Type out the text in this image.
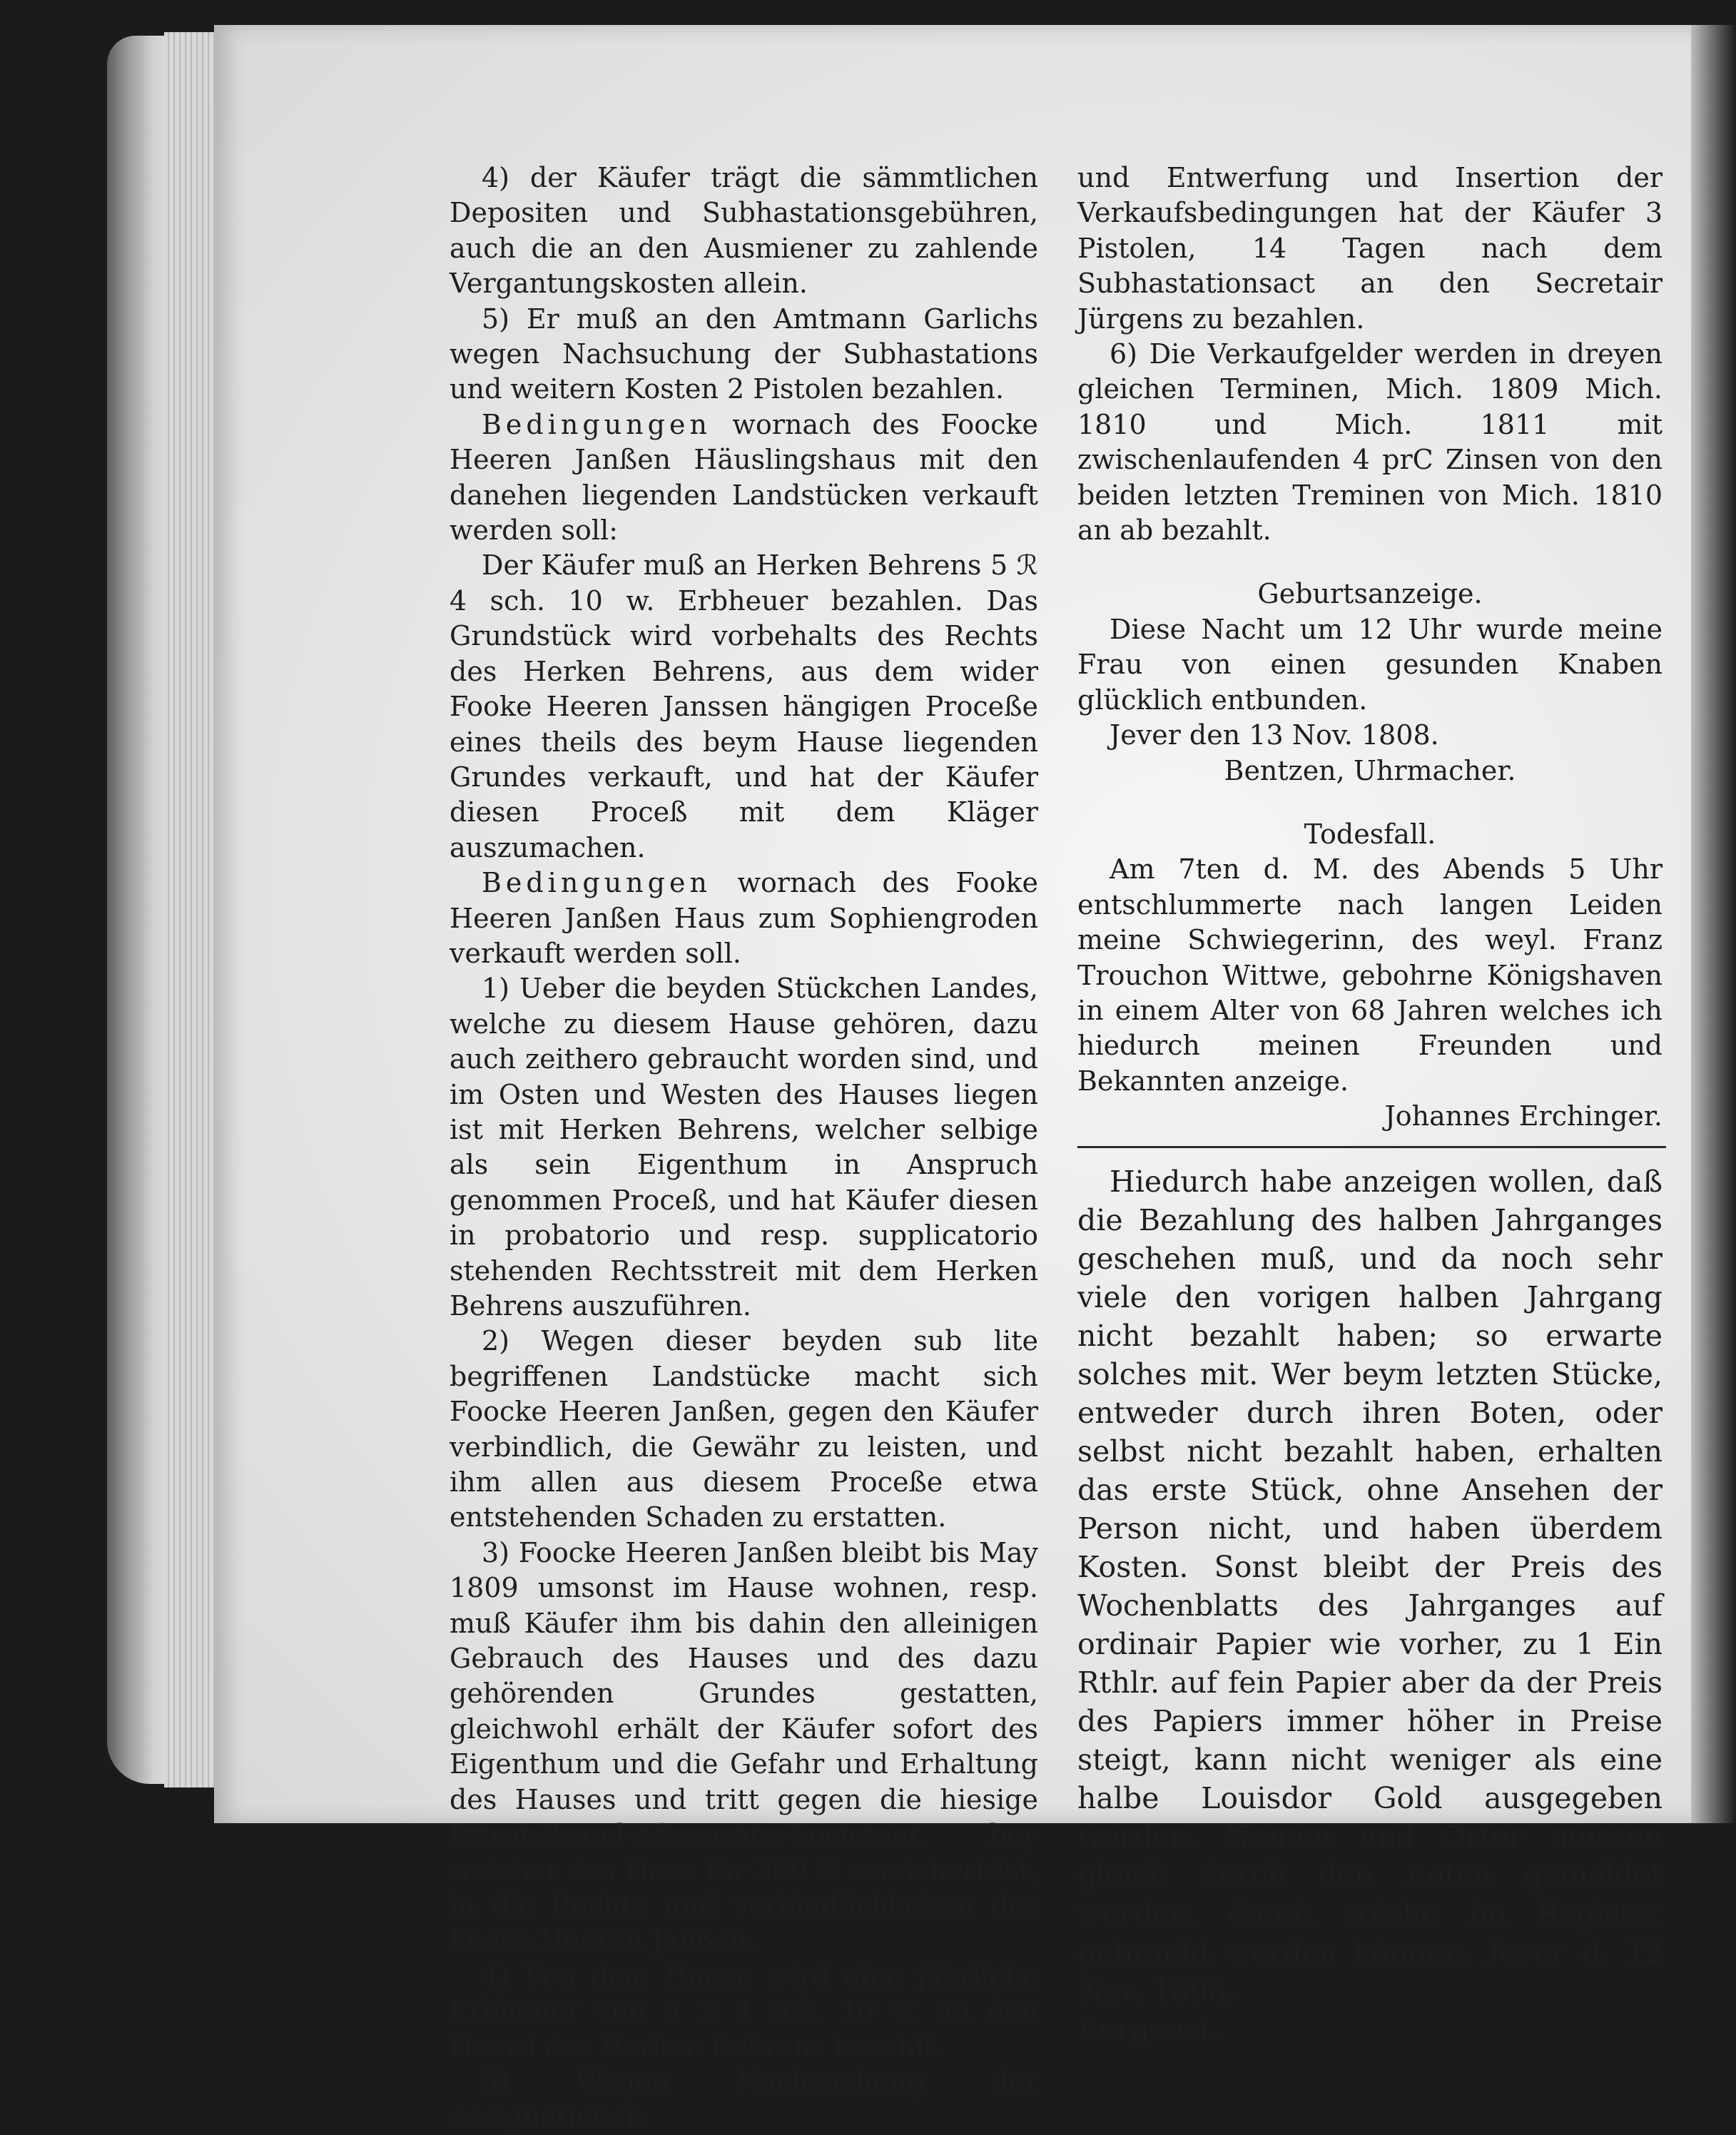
4) der Käufer trägt die sämmtlichen Depositen und Subhastationsgebühren, auch die an den Ausmiener zu zahlende Vergantungskosten allein.

5) Er muß an den Amtmann Garlichs wegen Nachsuchung der Subhastations und weitern Kosten 2 Pistolen bezahlen.

Bedingungen wornach des Foocke Heeren Janßen Häuslingshaus mit den danehen liegenden Landstücken verkauft werden soll:

Der Käufer muß an Herken Behrens 5 ℛ 4 sch. 10 w. Erbheuer bezahlen. Das Grundstück wird vorbehalts des Rechts des Herken Behrens, aus dem wider Fooke Heeren Janssen hängigen Proceße eines theils des beym Hause liegenden Grundes verkauft, und hat der Käufer diesen Proceß mit dem Kläger auszumachen.

Bedingungen wornach des Fooke Heeren Janßen Haus zum Sophiengroden verkauft werden soll.

1) Ueber die beyden Stückchen Landes, welche zu diesem Hause gehören, dazu auch zeithero gebraucht worden sind, und im Osten und Westen des Hauses liegen ist mit Herken Behrens, welcher selbige als sein Eigenthum in Anspruch genommen Proceß, und hat Käufer diesen in probatorio und resp. supplicatorio stehenden Rechtsstreit mit dem Herken Behrens auszuführen.

2) Wegen dieser beyden sub lite begriffenen Landstücke macht sich Foocke Heeren Janßen, gegen den Käufer verbindlich, die Gewähr zu leisten, und ihm allen aus diesem Proceße etwa entstehenden Schaden zu erstatten.

3) Foocke Heeren Janßen bleibt bis May 1809 umsonst im Hause wohnen, resp. muß Käufer ihm bis dahin den alleinigen Gebrauch des Hauses und des dazu gehörenden Grundes gestatten, gleichwohl erhält der Käufer sofort des Eigenthum und die Gefahr und Erhaltung des Hauses und tritt gegen die hiesige Privat-Brand-Aßecuranz-Societaet, bey welcher das Haus für 300 ℛ versichert ist, in die Rechte und verbindlichkeiten des Fooke Heeren Janßen.

4) Von dem Hause wird eine jährliche Erbheuer von 5 ℛ 4 sch. 10 w. an den Heerd des Herken Behrens bezahlt.

5) Wegen Nachsuchung der Assignationen

und Entwerfung und Insertion der Verkaufsbedingungen hat der Käufer 3 Pistolen, 14 Tagen nach dem Subhastationsact an den Secretair Jürgens zu bezahlen.

6) Die Verkaufgelder werden in dreyen gleichen Terminen, Mich. 1809 Mich. 1810 und Mich. 1811 mit zwischenlaufenden 4 prC Zinsen von den beiden letzten Treminen von Mich. 1810 an ab bezahlt.

Geburtsanzeige.

Diese Nacht um 12 Uhr wurde meine Frau von einen gesunden Knaben glücklich entbunden.

Jever den 13 Nov. 1808.

Bentzen, Uhrmacher.

Todesfall.

Am 7ten d. M. des Abends 5 Uhr entschlummerte nach langen Leiden meine Schwiegerinn, des weyl. Franz Trouchon Wittwe, gebohrne Königshaven in einem Alter von 68 Jahren welches ich hiedurch meinen Freunden und Bekannten anzeige.

Johannes Erchinger.

Hiedurch habe anzeigen wollen, daß die Bezahlung des halben Jahrganges geschehen muß, und da noch sehr viele den vorigen halben Jahrgang nicht bezahlt haben; so erwarte solches mit. Wer beym letzten Stücke, entweder durch ihren Boten, oder selbst nicht bezahlt haben, erhalten das erste Stück, ohne Ansehen der Person nicht, und haben überdem Kosten. Sonst bleibt der Preis des Wochenblatts des Jahrganges auf ordinair Papier wie vorher, zu 1 Ein Rthlr. auf fein Papier aber da der Preis des Papiers immer höher in Preise steigt, kann nicht weniger als eine halbe Louisdor Gold ausgegeben werden. Namen und Orter müssen gleich durch den Boten gemeldet werden, damit solche im Register gebracht werden können. Jever d. 12 Nov. 1808.

Borgeest.
